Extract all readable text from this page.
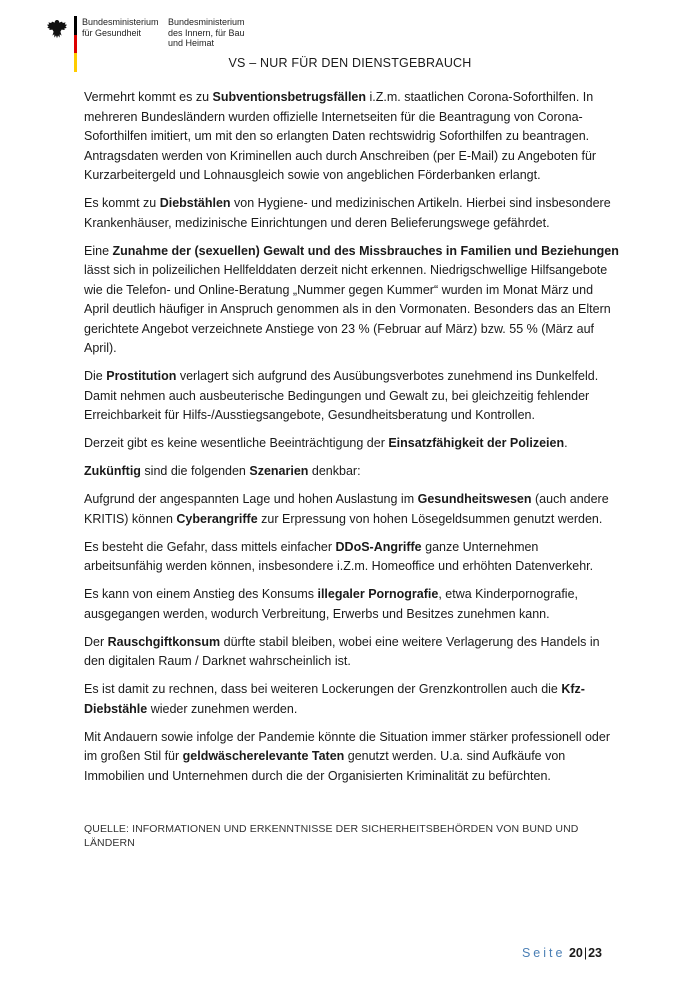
Bundesministerium
für Gesundheit
Bundesministerium
des Innern, für Bau
und Heimat
VS – NUR FÜR DEN DIENSTGEBRAUCH

Vermehrt kommt es zu Subventionsbetrugsfällen i.Z.m. staatlichen Corona-Soforthilfen. In mehreren Bundesländern wurden offizielle Internetseiten für die Beantragung von Corona-Soforthilfen imitiert, um mit den so erlangten Daten rechtswidrig Soforthilfen zu beantragen. Antragsdaten werden von Kriminellen auch durch Anschreiben (per E-Mail) zu Angeboten für Kurzarbeitergeld und Lohnausgleich sowie von angeblichen Förderbanken erlangt.

Es kommt zu Diebstählen von Hygiene- und medizinischen Artikeln. Hierbei sind insbesondere Krankenhäuser, medizinische Einrichtungen und deren Belieferungswege gefährdet.

Eine Zunahme der (sexuellen) Gewalt und des Missbrauches in Familien und Beziehungen lässt sich in polizeilichen Hellfelddaten derzeit nicht erkennen. Niedrigschwellige Hilfsangebote wie die Telefon- und Online-Beratung „Nummer gegen Kummer“ wurden im Monat März und April deutlich häufiger in Anspruch genommen als in den Vormonaten. Besonders das an Eltern gerichtete Angebot verzeichnete Anstiege von 23 % (Februar auf März) bzw. 55 % (März auf April).

Die Prostitution verlagert sich aufgrund des Ausübungsverbotes zunehmend ins Dunkelfeld. Damit nehmen auch ausbeuterische Bedingungen und Gewalt zu, bei gleichzeitig fehlender Erreichbarkeit für Hilfs-/Ausstiegsangebote, Gesundheitsberatung und Kontrollen.

Derzeit gibt es keine wesentliche Beeinträchtigung der Einsatzfähigkeit der Polizeien.

Zukünftig sind die folgenden Szenarien denkbar:

Aufgrund der angespannten Lage und hohen Auslastung im Gesundheitswesen (auch andere KRITIS) können Cyberangriffe zur Erpressung von hohen Lösegeldsummen genutzt werden.

Es besteht die Gefahr, dass mittels einfacher DDoS-Angriffe ganze Unternehmen arbeitsunfähig werden können, insbesondere i.Z.m. Homeoffice und erhöhten Datenverkehr.

Es kann von einem Anstieg des Konsums illegaler Pornografie, etwa Kinderpornografie, ausgegangen werden, wodurch Verbreitung, Erwerbs und Besitzes zunehmen kann.

Der Rauschgiftkonsum dürfte stabil bleiben, wobei eine weitere Verlagerung des Handels in den digitalen Raum / Darknet wahrscheinlich ist.

Es ist damit zu rechnen, dass bei weiteren Lockerungen der Grenzkontrollen auch die Kfz-Diebstähle wieder zunehmen werden.

Mit Andauern sowie infolge der Pandemie könnte die Situation immer stärker professionell oder im großen Stil für geldwäscherelevante Taten genutzt werden. U.a. sind Aufkäufe von Immobilien und Unternehmen durch die der Organisierten Kriminalität zu befürchten.

QUELLE: INFORMATIONEN UND ERKENNTNISSE DER SICHERHEITSBEHÖRDEN VON BUND UND LÄNDERN
Seite 20|23
